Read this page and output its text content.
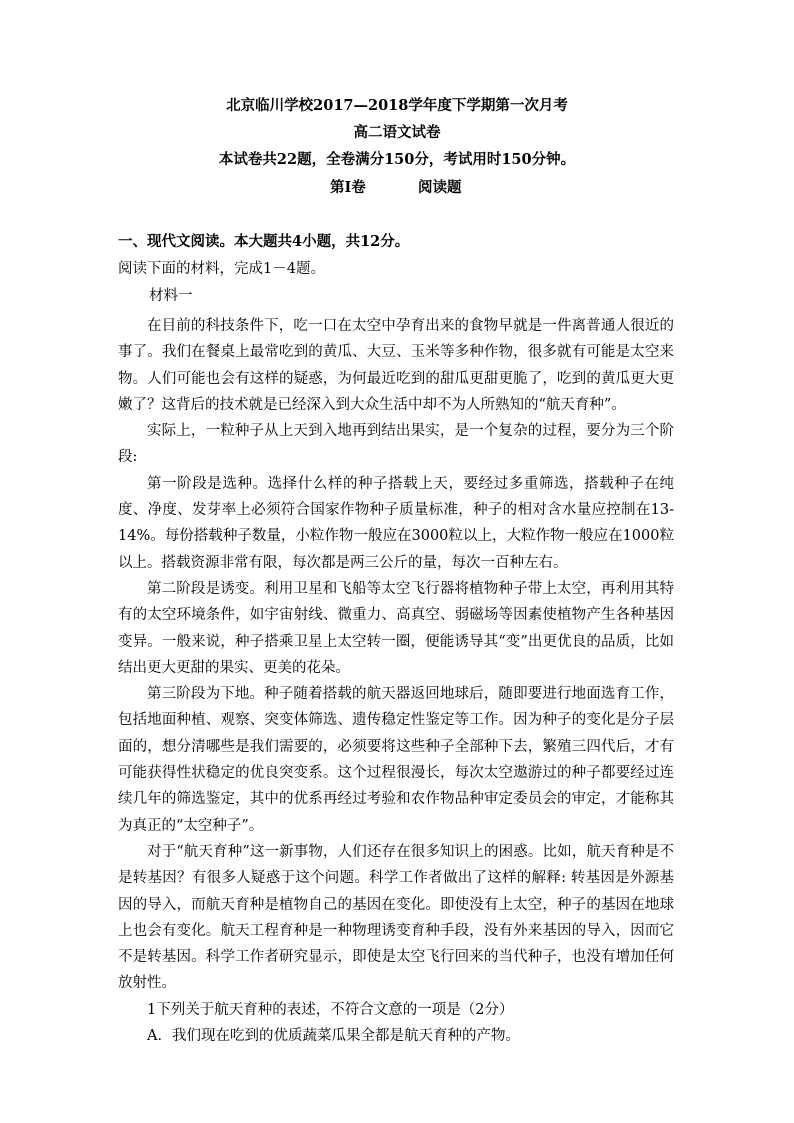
北京临川学校2017—2018学年度下学期第一次月考
高二语文试卷
本试卷共22题，全卷满分150分，考试用时150分钟。
第I卷	阅读题
一、现代文阅读。本大题共4小题，共12分。
阅读下面的材料，完成1－4题。
材料一

在目前的科技条件下，吃一口在太空中孕育出来的食物早就是一件离普通人很近的事了。我们在餐桌上最常吃到的黄瓜、大豆、玉米等多种作物，很多就有可能是太空来物。人们可能也会有这样的疑惑，为何最近吃到的甜瓜更甜更脆了，吃到的黄瓜更大更嫩了？这背后的技术就是已经深入到大众生活中却不为人所熟知的“航天育种”。

实际上，一粒种子从上天到入地再到结出果实，是一个复杂的过程，要分为三个阶段:

第一阶段是选种。选择什么样的种子搭载上天，要经过多重筛选，搭载种子在纯度、净度、发芽率上必须符合国家作物种子质量标准，种子的相对含水量应控制在13-14%。每份搭载种子数量，小粒作物一般应在3000粒以上，大粒作物一般应在1000粒以上。搭载资源非常有限，每次都是两三公斤的量，每次一百种左右。

第二阶段是诱变。利用卫星和飞船等太空飞行器将植物种子带上太空，再利用其特有的太空环境条件，如宇宙射线、微重力、高真空、弱磁场等因素使植物产生各种基因变异。一般来说，种子搭乘卫星上太空转一圈，便能诱导其“变”出更优良的品质，比如结出更大更甜的果实、更美的花朵。

第三阶段为下地。种子随着搭载的航天器返回地球后，随即要进行地面选育工作，包括地面种植、观察、突变体筛选、遗传稳定性鉴定等工作。因为种子的变化是分子层面的，想分清哪些是我们需要的，必须要将这些种子全部种下去，繁殖三四代后，才有可能获得性状稳定的优良突变系。这个过程很漫长，每次太空遨游过的种子都要经过连续几年的筛选鉴定，其中的优系再经过考验和农作物品种审定委员会的审定，才能称其为真正的“太空种子”。

对于“航天育种”这一新事物，人们还存在很多知识上的困惑。比如，航天育种是不是转基因？有很多人疑惑于这个问题。科学工作者做出了这样的解释: 转基因是外源基因的导入，而航天育种是植物自己的基因在变化。即使没有上太空，种子的基因在地球上也会有变化。航天工程育种是一种物理诱变育种手段，没有外来基因的导入，因而它不是转基因。科学工作者研究显示，即使是太空飞行回来的当代种子，也没有增加任何放射性。

1下列关于航天育种的表述，不符合文意的一项是（2分）

A．我们现在吃到的优质蔬菜瓜果全都是航天育种的产物。
